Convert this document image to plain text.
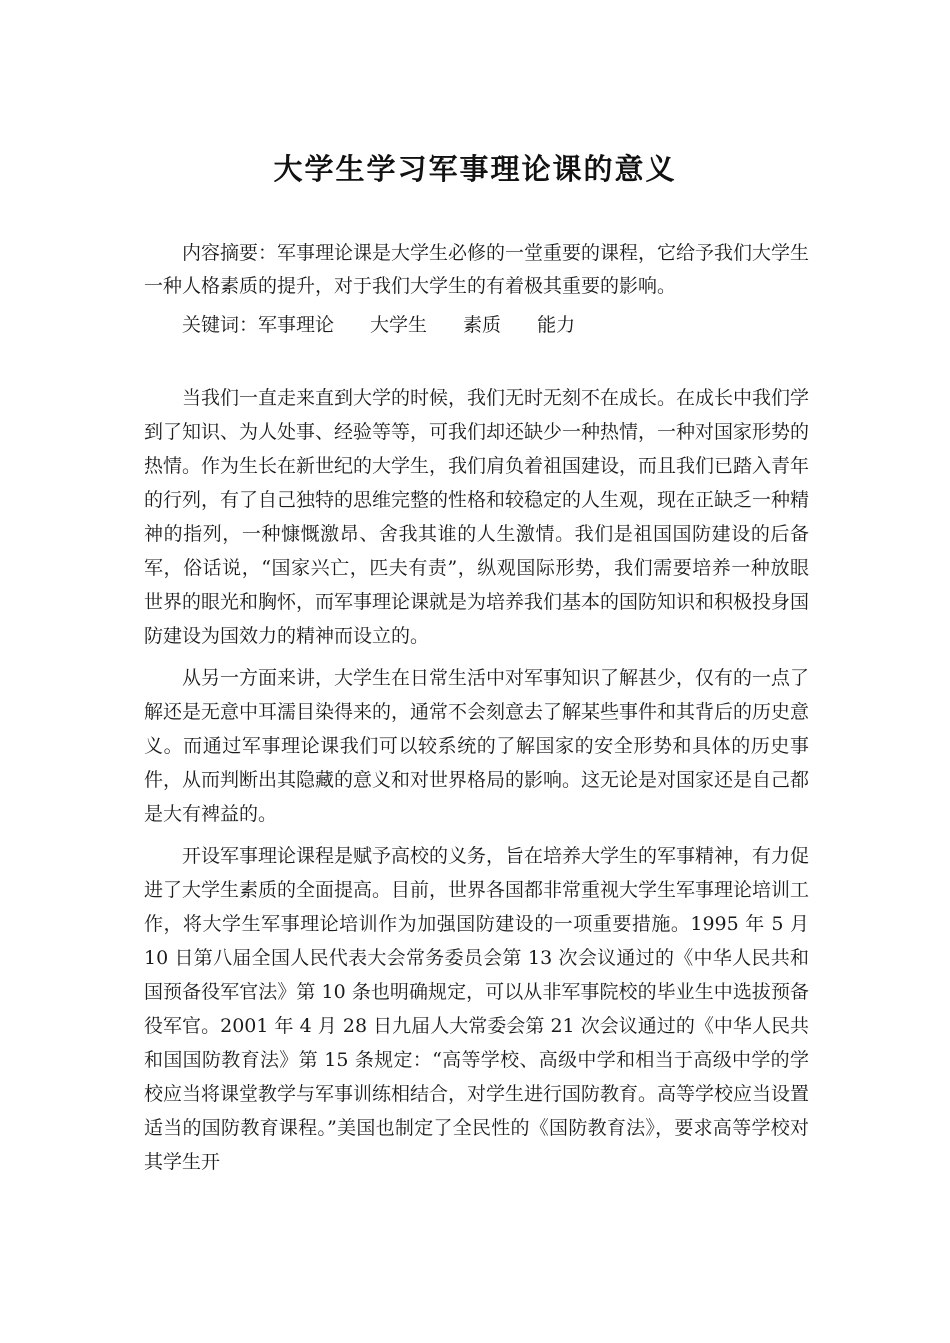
大学生学习军事理论课的意义

内容摘要：军事理论课是大学生必修的一堂重要的课程，它给予我们大学生一种人格素质的提升，对于我们大学生的有着极其重要的影响。

关键词：军事理论 大学生 素质 能力

当我们一直走来直到大学的时候，我们无时无刻不在成长。在成长中我们学到了知识、为人处事、经验等等，可我们却还缺少一种热情，一种对国家形势的热情。作为生长在新世纪的大学生，我们肩负着祖国建设，而且我们已踏入青年的行列，有了自己独特的思维完整的性格和较稳定的人生观，现在正缺乏一种精神的指列，一种慷慨激昂、舍我其谁的人生激情。我们是祖国国防建设的后备军，俗话说，“国家兴亡，匹夫有责”，纵观国际形势，我们需要培养一种放眼世界的眼光和胸怀，而军事理论课就是为培养我们基本的国防知识和积极投身国防建设为国效力的精神而设立的。

从另一方面来讲，大学生在日常生活中对军事知识了解甚少，仅有的一点了解还是无意中耳濡目染得来的，通常不会刻意去了解某些事件和其背后的历史意义。而通过军事理论课我们可以较系统的了解国家的安全形势和具体的历史事件，从而判断出其隐藏的意义和对世界格局的影响。这无论是对国家还是自己都是大有裨益的。

开设军事理论课程是赋予高校的义务，旨在培养大学生的军事精神，有力促进了大学生素质的全面提高。目前，世界各国都非常重视大学生军事理论培训工作，将大学生军事理论培训作为加强国防建设的一项重要措施。1995 年 5 月 10 日第八届全国人民代表大会常务委员会第 13 次会议通过的《中华人民共和国预备役军官法》第 10 条也明确规定，可以从非军事院校的毕业生中选拔预备役军官。2001 年 4 月 28 日九届人大常委会第 21 次会议通过的《中华人民共和国国防教育法》第 15 条规定：“高等学校、高级中学和相当于高级中学的学校应当将课堂教学与军事训练相结合，对学生进行国防教育。高等学校应当设置适当的国防教育课程。”美国也制定了全民性的《国防教育法》，要求高等学校对其学生开
